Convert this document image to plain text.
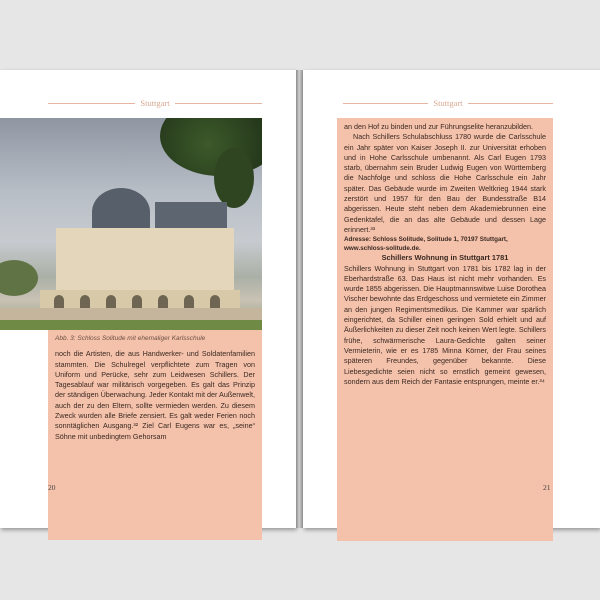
Stuttgart
Abb. 3: Schloss Solitude mit ehemaliger Karlsschule

noch die Artisten, die aus Handwerker- und Soldatenfamilien stammten. Die Schulregel verpflichtete zum Tragen von Uniform und Perücke, sehr zum Leidwesen Schillers. Der Tagesablauf war militärisch vorgegeben. Es galt das Prinzip der ständigen Überwachung. Jeder Kontakt mit der Außenwelt, auch der zu den Eltern, sollte vermieden werden. Zu diesem Zweck wurden alle Briefe zensiert. Es galt weder Ferien noch sonntäglichen Ausgang.³² Ziel Carl Eugens war es, „seine“ Söhne mit unbedingtem Gehorsam

20
Stuttgart

an den Hof zu binden und zur Führungselite heranzubilden.

Nach Schillers Schulabschluss 1780 wurde die Carlsschule ein Jahr später von Kaiser Joseph II. zur Universität erhoben und in Hohe Carlsschule umbenannt. Als Carl Eugen 1793 starb, übernahm sein Bruder Ludwig Eugen von Württemberg die Nachfolge und schloss die Hohe Carlsschule ein Jahr später. Das Gebäude wurde im Zweiten Weltkrieg 1944 stark zerstört und 1957 für den Bau der Bundesstraße B14 abgerissen. Heute steht neben dem Akademiebrunnen eine Gedenktafel, die an das alte Gebäude und dessen Lage erinnert.³³

Adresse: Schloss Solitude, Solitude 1, 70197 Stuttgart, www.schloss-solitude.de.

Schillers Wohnung in Stuttgart 1781

Schillers Wohnung in Stuttgart von 1781 bis 1782 lag in der Eberhardstraße 63. Das Haus ist nicht mehr vorhanden. Es wurde 1855 abgerissen. Die Hauptmannswitwe Luise Dorothea Vischer bewohnte das Erdgeschoss und vermietete ein Zimmer an den jungen Regimentsmedikus. Die Kammer war spärlich eingerichtet, da Schiller einen geringen Sold erhielt und auf Äußerlichkeiten zu dieser Zeit noch keinen Wert legte. Schillers frühe, schwärmerische Laura-Gedichte galten seiner Vermieterin, wie er es 1785 Minna Körner, der Frau seines späteren Freundes, gegenüber bekannte. Diese Liebesgedichte seien nicht so ernstlich gemeint gewesen, sondern aus dem Reich der Fantasie entsprungen, meinte er.³⁴

21
